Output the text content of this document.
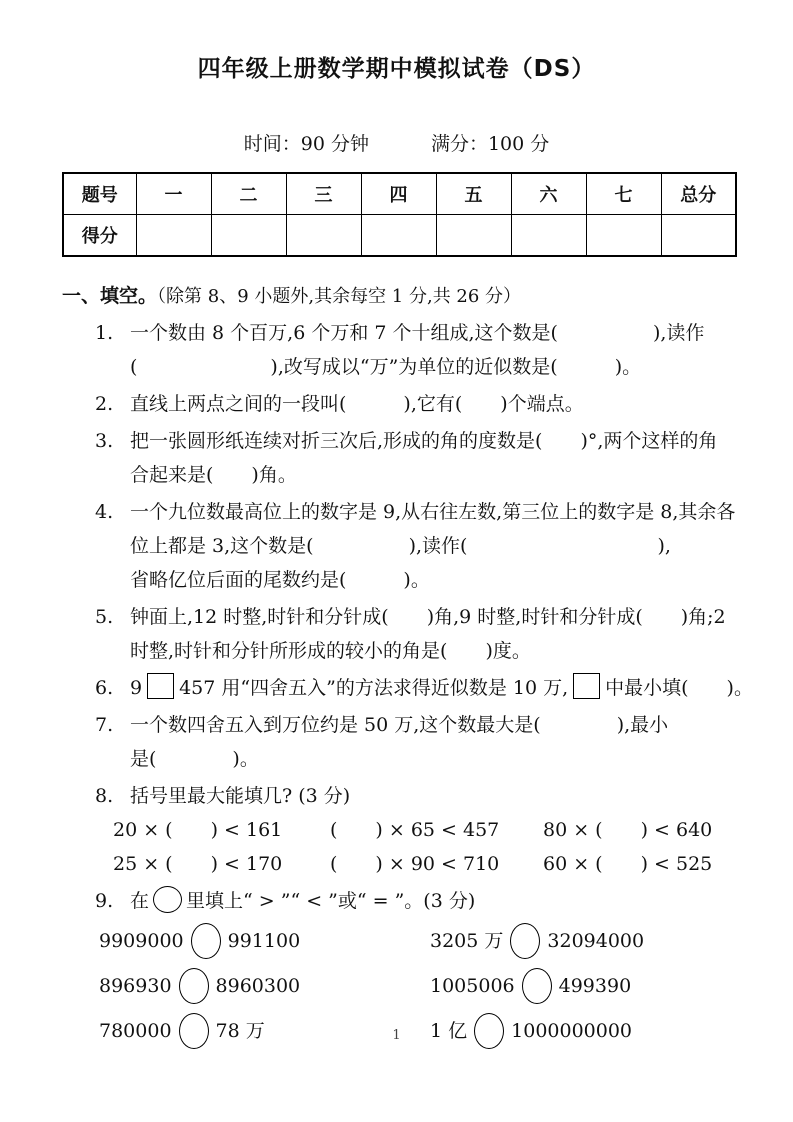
四年级上册数学期中模拟试卷（DS）
时间：90 分钟	满分：100 分
题号	一	二	三	四	五	六	七	总分
得分								
一、填空。（除第 8、9 小题外,其余每空 1 分,共 26 分）
1. 一个数由 8 个百万,6 个万和 7 个十组成,这个数是(　　　　　),读作
(　　　　　　　),改写成以“万”为单位的近似数是(　　　)。
2. 直线上两点之间的一段叫(　　　),它有(　　)个端点。
3. 把一张圆形纸连续对折三次后,形成的角的度数是(　　)°,两个这样的角
合起来是(　　)角。
4. 一个九位数最高位上的数字是 9,从右往左数,第三位上的数字是 8,其余各
位上都是 3,这个数是(　　　　　),读作(　　　　　　　　　　),
省略亿位后面的尾数约是(　　　)。
5. 钟面上,12 时整,时针和分针成(　　)角,9 时整,时针和分针成(　　)角;2
时整,时针和分针所形成的较小的角是(　　)度。
6. 9 457 用“四舍五入”的方法求得近似数是 10 万, 中最小填(　　)。
7. 一个数四舍五入到万位约是 50 万,这个数最大是(　　　　),最小
是(　　　　)。
8. 括号里最大能填几? (3 分)
20 × (　　) < 161	(　　) × 65 < 457	80 × (　　) < 640
25 × (　　) < 170	(　　) × 90 < 710	60 × (　　) < 525
9. 在 里填上“ > ”“ < ”或“ = ”。(3 分)
9909000 991100	3205 万 32094000
896930 8960300	1005006 499390
780000 78 万	1 亿 1000000000
1
